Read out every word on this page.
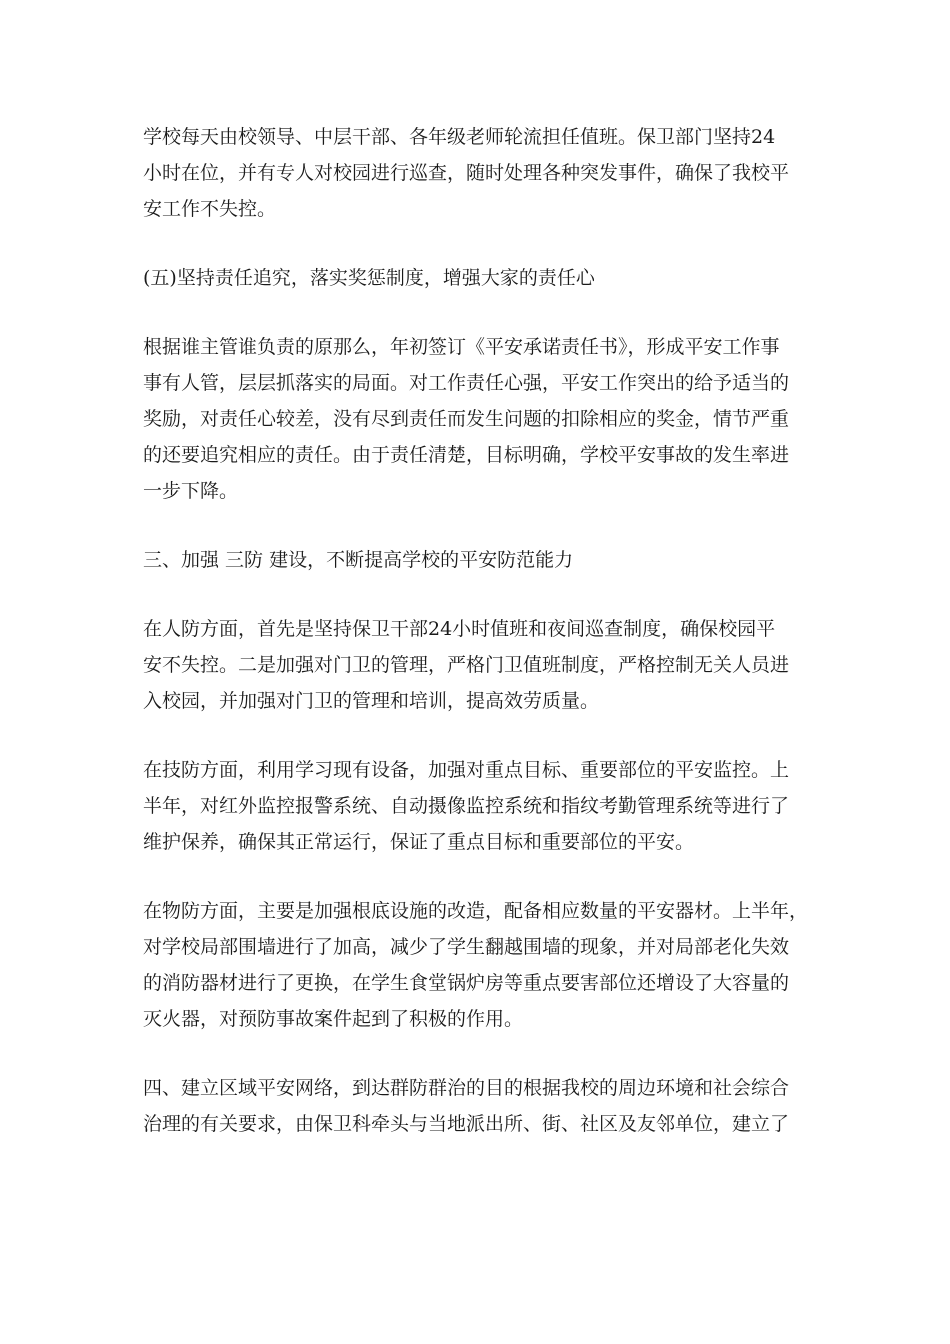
学校每天由校领导、中层干部、各年级老师轮流担任值班。保卫部门坚持24
小时在位，并有专人对校园进行巡查，随时处理各种突发事件，确保了我校平
安工作不失控。
(五)坚持责任追究，落实奖惩制度，增强大家的责任心
根据谁主管谁负责的原那么，年初签订《平安承诺责任书》，形成平安工作事
事有人管，层层抓落实的局面。对工作责任心强，平安工作突出的给予适当的
奖励，对责任心较差，没有尽到责任而发生问题的扣除相应的奖金，情节严重
的还要追究相应的责任。由于责任清楚，目标明确，学校平安事故的发生率进
一步下降。
三、加强 三防 建设，不断提高学校的平安防范能力
在人防方面，首先是坚持保卫干部24小时值班和夜间巡查制度，确保校园平
安不失控。二是加强对门卫的管理，严格门卫值班制度，严格控制无关人员进
入校园，并加强对门卫的管理和培训，提高效劳质量。
在技防方面，利用学习现有设备，加强对重点目标、重要部位的平安监控。上
半年，对红外监控报警系统、自动摄像监控系统和指纹考勤管理系统等进行了
维护保养，确保其正常运行，保证了重点目标和重要部位的平安。
在物防方面，主要是加强根底设施的改造，配备相应数量的平安器材。上半年，
对学校局部围墙进行了加高，减少了学生翻越围墙的现象，并对局部老化失效
的消防器材进行了更换，在学生食堂锅炉房等重点要害部位还增设了大容量的
灭火器，对预防事故案件起到了积极的作用。
四、建立区域平安网络，到达群防群治的目的根据我校的周边环境和社会综合
治理的有关要求，由保卫科牵头与当地派出所、街、社区及友邻单位，建立了
